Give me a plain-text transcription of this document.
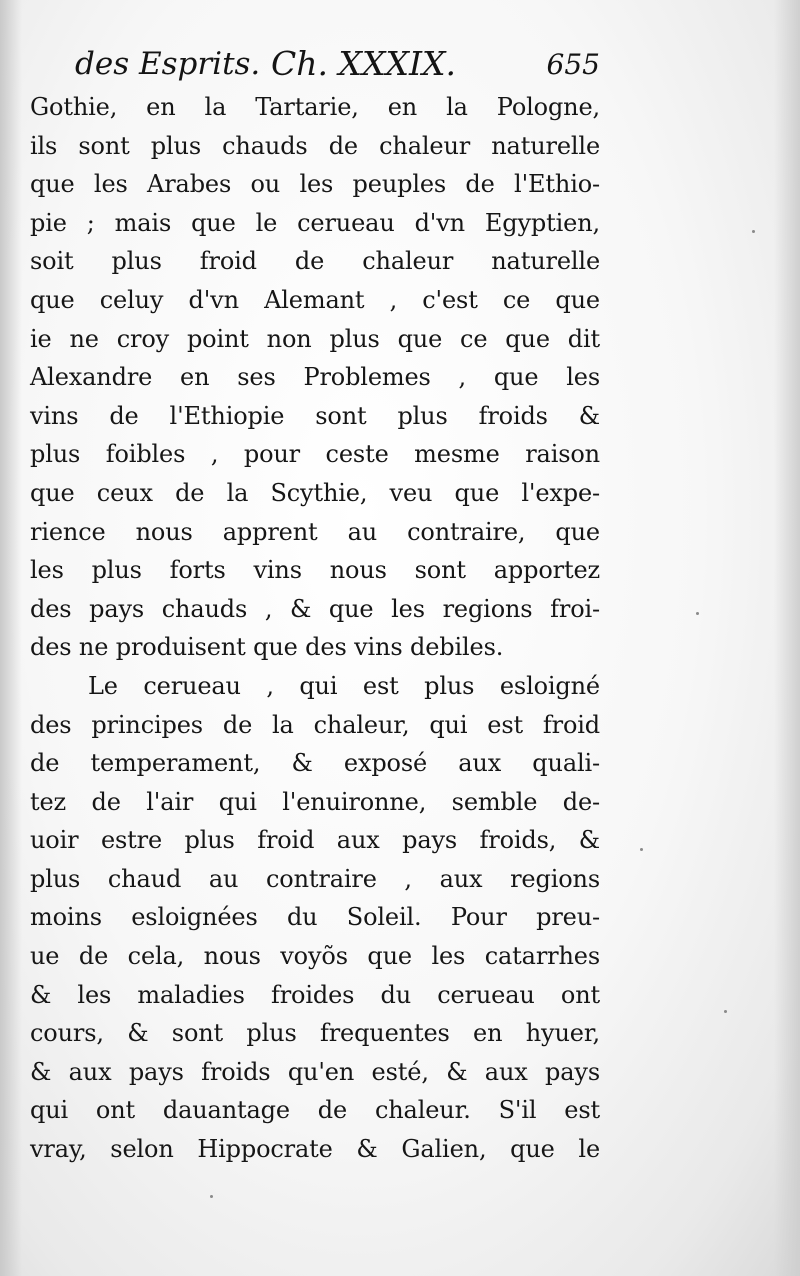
des Esprits. Ch. XXXIX.	655
Gothie, en la Tartarie, en la Pologne,
ils sont plus chauds de chaleur naturelle
que les Arabes ou les peuples de l'Ethio-
pie ; mais que le cerueau d'vn Egyptien,
soit plus froid de chaleur naturelle
que celuy d'vn Alemant , c'est ce que
ie ne croy point non plus que ce que dit
Alexandre en ses Problemes , que les
vins de l'Ethiopie sont plus froids &
plus foibles , pour ceste mesme raison
que ceux de la Scythie, veu que l'expe-
rience nous apprent au contraire, que
les plus forts vins nous sont apportez
des pays chauds , & que les regions froi-
des ne produisent que des vins debiles.
Le cerueau , qui est plus esloigné
des principes de la chaleur, qui est froid
de temperament, & exposé aux quali-
tez de l'air qui l'enuironne, semble de-
uoir estre plus froid aux pays froids, &
plus chaud au contraire , aux regions
moins esloignées du Soleil. Pour preu-
ue de cela, nous voyõs que les catarrhes
& les maladies froides du cerueau ont
cours, & sont plus frequentes en hyuer,
& aux pays froids qu'en esté, & aux pays
qui ont dauantage de chaleur. S'il est
vray, selon Hippocrate & Galien, que le
